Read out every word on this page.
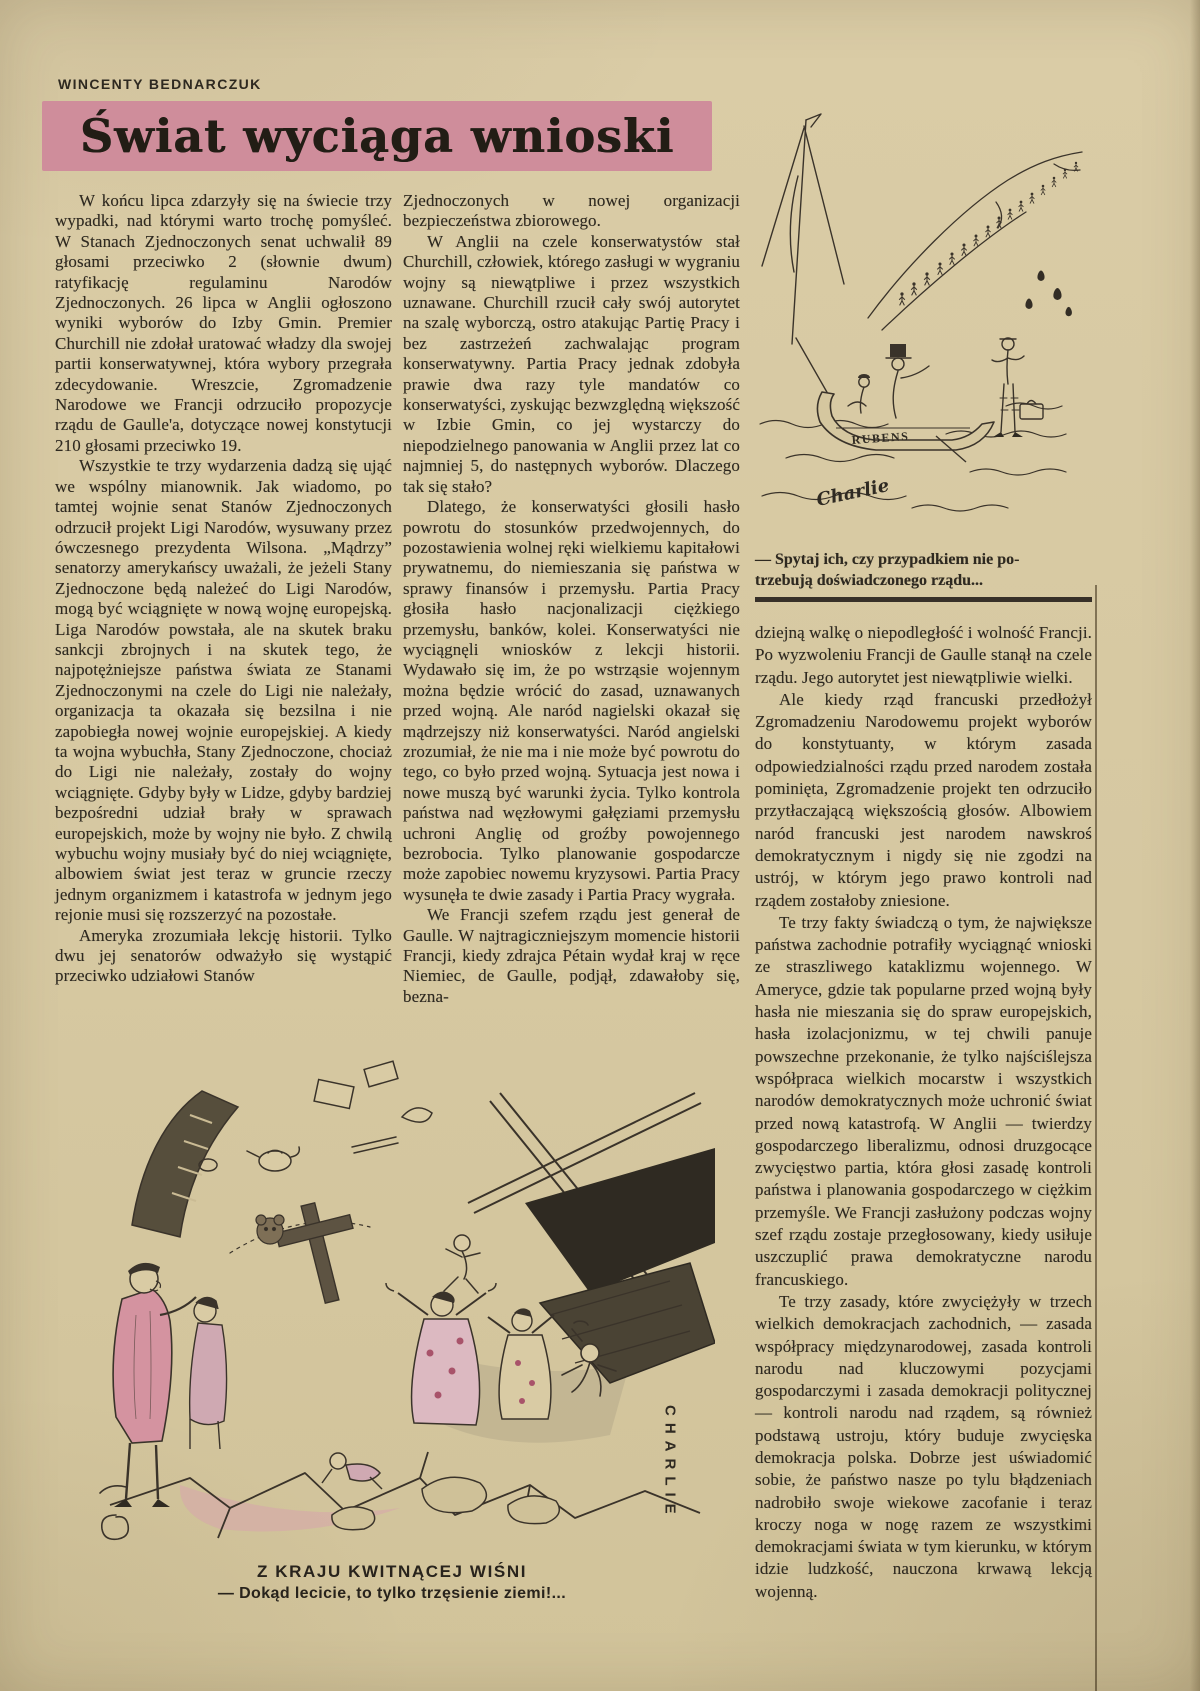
WINCENTY BEDNARCZUK
Świat wyciąga wnioski

W końcu lipca zdarzyły się na świecie trzy wypadki, nad którymi warto trochę pomyśleć. W Stanach Zjednoczonych senat uchwalił 89 głosami przeciwko 2 (słownie dwum) ratyfikację regulaminu Narodów Zjednoczonych. 26 lipca w Anglii ogłoszono wyniki wyborów do Izby Gmin. Premier Churchill nie zdołał uratować władzy dla swojej partii konserwatywnej, która wybory przegrała zdecydowanie. Wreszcie, Zgromadzenie Narodowe we Francji odrzuciło propozycje rządu de Gaulle'a, dotyczące nowej konstytucji 210 głosami przeciwko 19.

Wszystkie te trzy wydarzenia dadzą się ująć we wspólny mianownik. Jak wiadomo, po tamtej wojnie senat Stanów Zjednoczonych odrzucił projekt Ligi Narodów, wysuwany przez ówczesnego prezydenta Wilsona. „Mądrzy” senatorzy amerykańscy uważali, że jeżeli Stany Zjednoczone będą należeć do Ligi Narodów, mogą być wciągnięte w nową wojnę europejską. Liga Narodów powstała, ale na skutek braku sankcji zbrojnych i na skutek tego, że najpotężniejsze państwa świata ze Stanami Zjednoczonymi na czele do Ligi nie należały, organizacja ta okazała się bezsilna i nie zapobiegła nowej wojnie europejskiej. A kiedy ta wojna wybuchła, Stany Zjednoczone, chociaż do Ligi nie należały, zostały do wojny wciągnięte. Gdyby były w Lidze, gdyby bardziej bezpośredni udział brały w sprawach europejskich, może by wojny nie było. Z chwilą wybuchu wojny musiały być do niej wciągnięte, albowiem świat jest teraz w gruncie rzeczy jednym organizmem i katastrofa w jednym jego rejonie musi się rozszerzyć na pozostałe.

Ameryka zrozumiała lekcję historii. Tylko dwu jej senatorów odważyło się wystąpić przeciwko udziałowi Stanów

Zjednoczonych w nowej organizacji bezpieczeństwa zbiorowego.

W Anglii na czele konserwatystów stał Churchill, człowiek, którego zasługi w wygraniu wojny są niewątpliwe i przez wszystkich uznawane. Churchill rzucił cały swój autorytet na szalę wyborczą, ostro atakując Partię Pracy i bez zastrzeżeń zachwalając program konserwatywny. Partia Pracy jednak zdobyła prawie dwa razy tyle mandatów co konserwatyści, zyskując bezwzględną większość w Izbie Gmin, co jej wystarczy do niepodzielnego panowania w Anglii przez lat co najmniej 5, do następnych wyborów. Dlaczego tak się stało?

Dlatego, że konserwatyści głosili hasło powrotu do stosunków przedwojennych, do pozostawienia wolnej ręki wielkiemu kapitałowi prywatnemu, do niemieszania się państwa w sprawy finansów i przemysłu. Partia Pracy głosiła hasło nacjonalizacji ciężkiego przemysłu, banków, kolei. Konserwatyści nie wyciągnęli wniosków z lekcji historii. Wydawało się im, że po wstrząsie wojennym można będzie wrócić do zasad, uznawanych przed wojną. Ale naród nagielski okazał się mądrzejszy niż konserwatyści. Naród angielski zrozumiał, że nie ma i nie może być powrotu do tego, co było przed wojną. Sytuacja jest nowa i nowe muszą być warunki życia. Tylko kontrola państwa nad węzłowymi gałęziami przemysłu uchroni Anglię od groźby powojennego bezrobocia. Tylko planowanie gospodarcze może zapobiec nowemu kryzysowi. Partia Pracy wysunęła te dwie zasady i Partia Pracy wygrała.

We Francji szefem rządu jest generał de Gaulle. W najtragiczniejszym momencie historii Francji, kiedy zdrajca Pétain wydał kraj w ręce Niemiec, de Gaulle, podjął, zdawałoby się, bezna-

RUBENS
Charlie
— Spytaj ich, czy przypadkiem nie po-
trzebują doświadczonego rządu...

dziejną walkę o niepodległość i wolność Francji. Po wyzwoleniu Francji de Gaulle stanął na czele rządu. Jego autorytet jest niewątpliwie wielki.

Ale kiedy rząd francuski przedłożył Zgromadzeniu Narodowemu projekt wyborów do konstytuanty, w którym zasada odpowiedzialności rządu przed narodem została pominięta, Zgromadzenie projekt ten odrzuciło przytłaczającą większością głosów. Albowiem naród francuski jest narodem nawskroś demokratycznym i nigdy się nie zgodzi na ustrój, w którym jego prawo kontroli nad rządem zostałoby zniesione.

Te trzy fakty świadczą o tym, że największe państwa zachodnie potrafiły wyciągnąć wnioski ze straszliwego kataklizmu wojennego. W Ameryce, gdzie tak popularne przed wojną były hasła nie mieszania się do spraw europejskich, hasła izolacjonizmu, w tej chwili panuje powszechne przekonanie, że tylko najściślejsza współpraca wielkich mocarstw i wszystkich narodów demokratycznych może uchronić świat przed nową katastrofą. W Anglii — twierdzy gospodarczego liberalizmu, odnosi druzgocące zwycięstwo partia, która głosi zasadę kontroli państwa i planowania gospodarczego w ciężkim przemyśle. We Francji zasłużony podczas wojny szef rządu zostaje przegłosowany, kiedy usiłuje uszczuplić prawa demokratyczne narodu francuskiego.

Te trzy zasady, które zwyciężyły w trzech wielkich demokracjach zachodnich, — zasada współpracy międzynarodowej, zasada kontroli narodu nad kluczowymi pozycjami gospodarczymi i zasada demokracji politycznej — kontroli narodu nad rządem, są również podstawą ustroju, który buduje zwycięska demokracja polska. Dobrze jest uświadomić sobie, że państwo nasze po tylu błądzeniach nadrobiło swoje wiekowe zacofanie i teraz kroczy noga w nogę razem ze wszystkimi demokracjami świata w tym kierunku, w którym idzie ludzkość, nauczona krwawą lekcją wojenną.

CHARLIE
Z KRAJU KWITNĄCEJ WIŚNI
— Dokąd lecicie, to tylko trzęsienie ziemi!...
